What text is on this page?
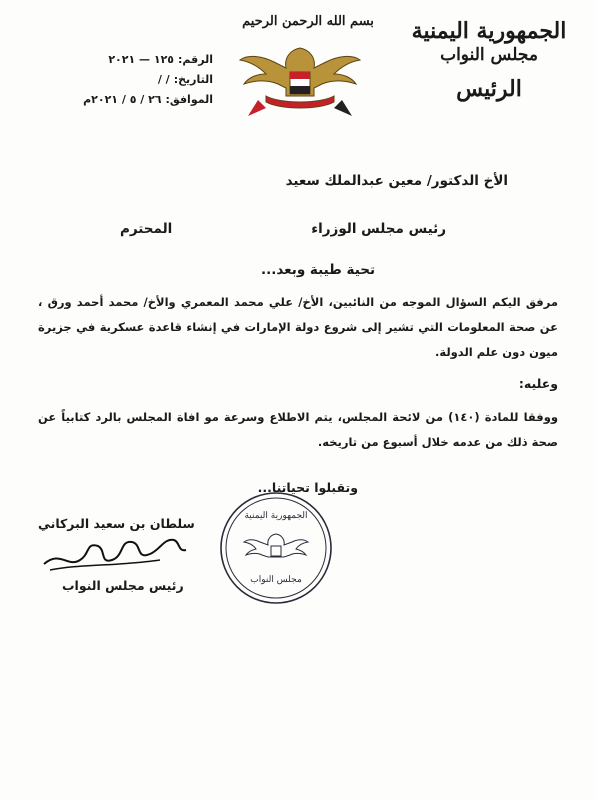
الجمهورية اليمنية
مجلس النواب
الرئيس
بسم الله الرحمن الرحيم
الرقم:
١٢٥ — ٢٠٢١
التاريخ:
/ /
الموافق:
٢٦ / ٥ / ٢٠٢١م
الأخ الدكتور/ معين عبدالملك سعيد
رئيس مجلس الوزراء
المحترم
تحية طيبة وبعد...
مرفق اليكم السؤال الموجه من النائبين، الأخ/ علي محمد المعمري والأخ/ محمد أحمد ورق ، عن صحة المعلومات التي تشير إلى شروع دولة الإمارات في إنشاء قاعدة عسكرية في جزيرة ميون دون علم الدولة.
وعليه:
ووفقا للمادة (١٤٠) من لائحة المجلس، يتم الاطلاع وسرعة مو افاة المجلس بالرد كتابياً عن صحة ذلك من عدمه خلال أسبوع من تاريخه.
وتقبلوا تحياتنا...
الجمهورية اليمنية
مجلس النواب
سلطان بن سعيد البركاني
رئيس مجلس النواب
